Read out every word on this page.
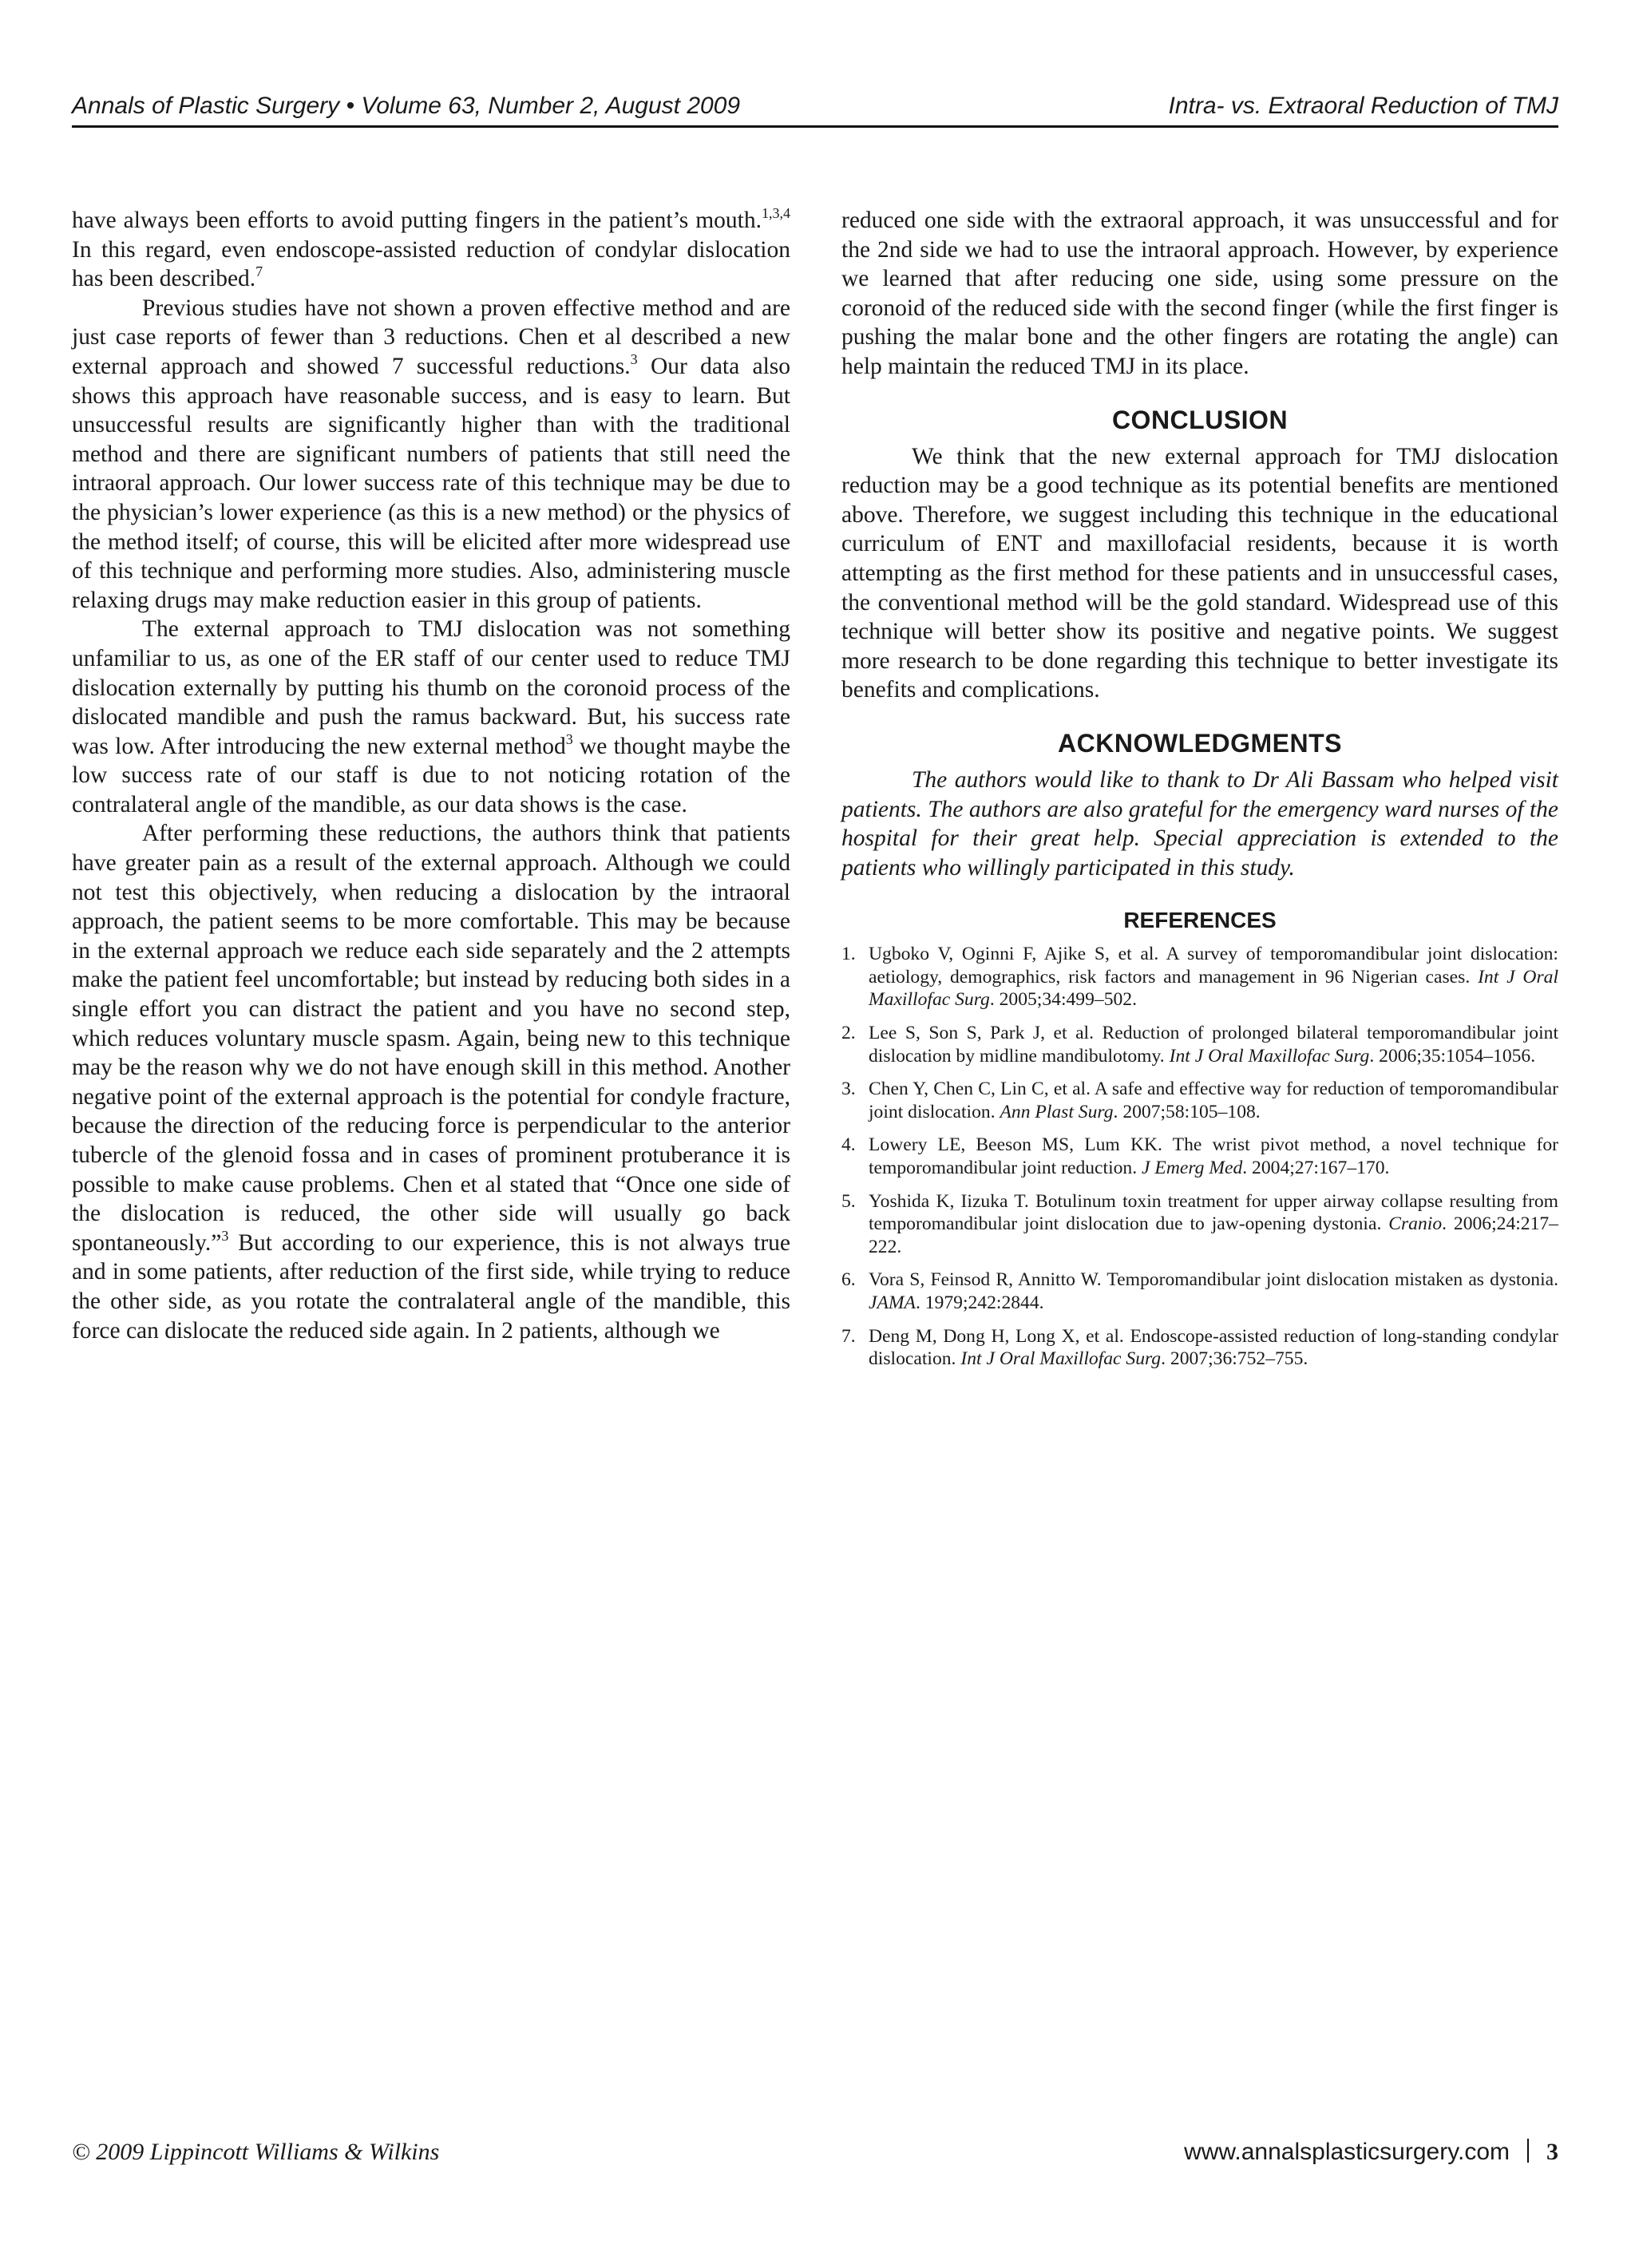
Annals of Plastic Surgery • Volume 63, Number 2, August 2009	Intra- vs. Extraoral Reduction of TMJ

have always been efforts to avoid putting fingers in the patient’s mouth.$^{1,3,4}$ In this regard, even endoscope-assisted reduction of condylar dislocation has been described.$^7$

Previous studies have not shown a proven effective method and are just case reports of fewer than 3 reductions. Chen et al described a new external approach and showed 7 successful reductions.$^3$ Our data also shows this approach have reasonable success, and is easy to learn. But unsuccessful results are significantly higher than with the traditional method and there are significant numbers of patients that still need the intraoral approach. Our lower success rate of this technique may be due to the physician’s lower experience (as this is a new method) or the physics of the method itself; of course, this will be elicited after more widespread use of this technique and performing more studies. Also, administering muscle relaxing drugs may make reduction easier in this group of patients.

The external approach to TMJ dislocation was not something unfamiliar to us, as one of the ER staff of our center used to reduce TMJ dislocation externally by putting his thumb on the coronoid process of the dislocated mandible and push the ramus backward. But, his success rate was low. After introducing the new external method$^3$ we thought maybe the low success rate of our staff is due to not noticing rotation of the contralateral angle of the mandible, as our data shows is the case.

After performing these reductions, the authors think that patients have greater pain as a result of the external approach. Although we could not test this objectively, when reducing a dislocation by the intraoral approach, the patient seems to be more comfortable. This may be because in the external approach we reduce each side separately and the 2 attempts make the patient feel uncomfortable; but instead by reducing both sides in a single effort you can distract the patient and you have no second step, which reduces voluntary muscle spasm. Again, being new to this technique may be the reason why we do not have enough skill in this method. Another negative point of the external approach is the potential for condyle fracture, because the direction of the reducing force is perpendicular to the anterior tubercle of the glenoid fossa and in cases of prominent protuberance it is possible to make cause problems. Chen et al stated that “Once one side of the dislocation is reduced, the other side will usually go back spontaneously.”$^3$ But according to our experience, this is not always true and in some patients, after reduction of the first side, while trying to reduce the other side, as you rotate the contralateral angle of the mandible, this force can dislocate the reduced side again. In 2 patients, although we

reduced one side with the extraoral approach, it was unsuccessful and for the 2nd side we had to use the intraoral approach. However, by experience we learned that after reducing one side, using some pressure on the coronoid of the reduced side with the second finger (while the first finger is pushing the malar bone and the other fingers are rotating the angle) can help maintain the reduced TMJ in its place.

CONCLUSION

We think that the new external approach for TMJ dislocation reduction may be a good technique as its potential benefits are mentioned above. Therefore, we suggest including this technique in the educational curriculum of ENT and maxillofacial residents, because it is worth attempting as the first method for these patients and in unsuccessful cases, the conventional method will be the gold standard. Widespread use of this technique will better show its positive and negative points. We suggest more research to be done regarding this technique to better investigate its benefits and complications.

ACKNOWLEDGMENTS

The authors would like to thank to Dr Ali Bassam who helped visit patients. The authors are also grateful for the emergency ward nurses of the hospital for their great help. Special appreciation is extended to the patients who willingly participated in this study.

REFERENCES
1. Ugboko V, Oginni F, Ajike S, et al. A survey of temporomandibular joint dislocation: aetiology, demographics, risk factors and management in 96 Nigerian cases. Int J Oral Maxillofac Surg. 2005;34:499–502.
2. Lee S, Son S, Park J, et al. Reduction of prolonged bilateral temporomandibular joint dislocation by midline mandibulotomy. Int J Oral Maxillofac Surg. 2006;35:1054–1056.
3. Chen Y, Chen C, Lin C, et al. A safe and effective way for reduction of temporomandibular joint dislocation. Ann Plast Surg. 2007;58:105–108.
4. Lowery LE, Beeson MS, Lum KK. The wrist pivot method, a novel technique for temporomandibular joint reduction. J Emerg Med. 2004;27:167–170.
5. Yoshida K, Iizuka T. Botulinum toxin treatment for upper airway collapse resulting from temporomandibular joint dislocation due to jaw-opening dystonia. Cranio. 2006;24:217–222.
6. Vora S, Feinsod R, Annitto W. Temporomandibular joint dislocation mistaken as dystonia. JAMA. 1979;242:2844.
7. Deng M, Dong H, Long X, et al. Endoscope-assisted reduction of long-standing condylar dislocation. Int J Oral Maxillofac Surg. 2007;36:752–755.
© 2009 Lippincott Williams & Wilkins	www.annalsplasticsurgery.com 3
